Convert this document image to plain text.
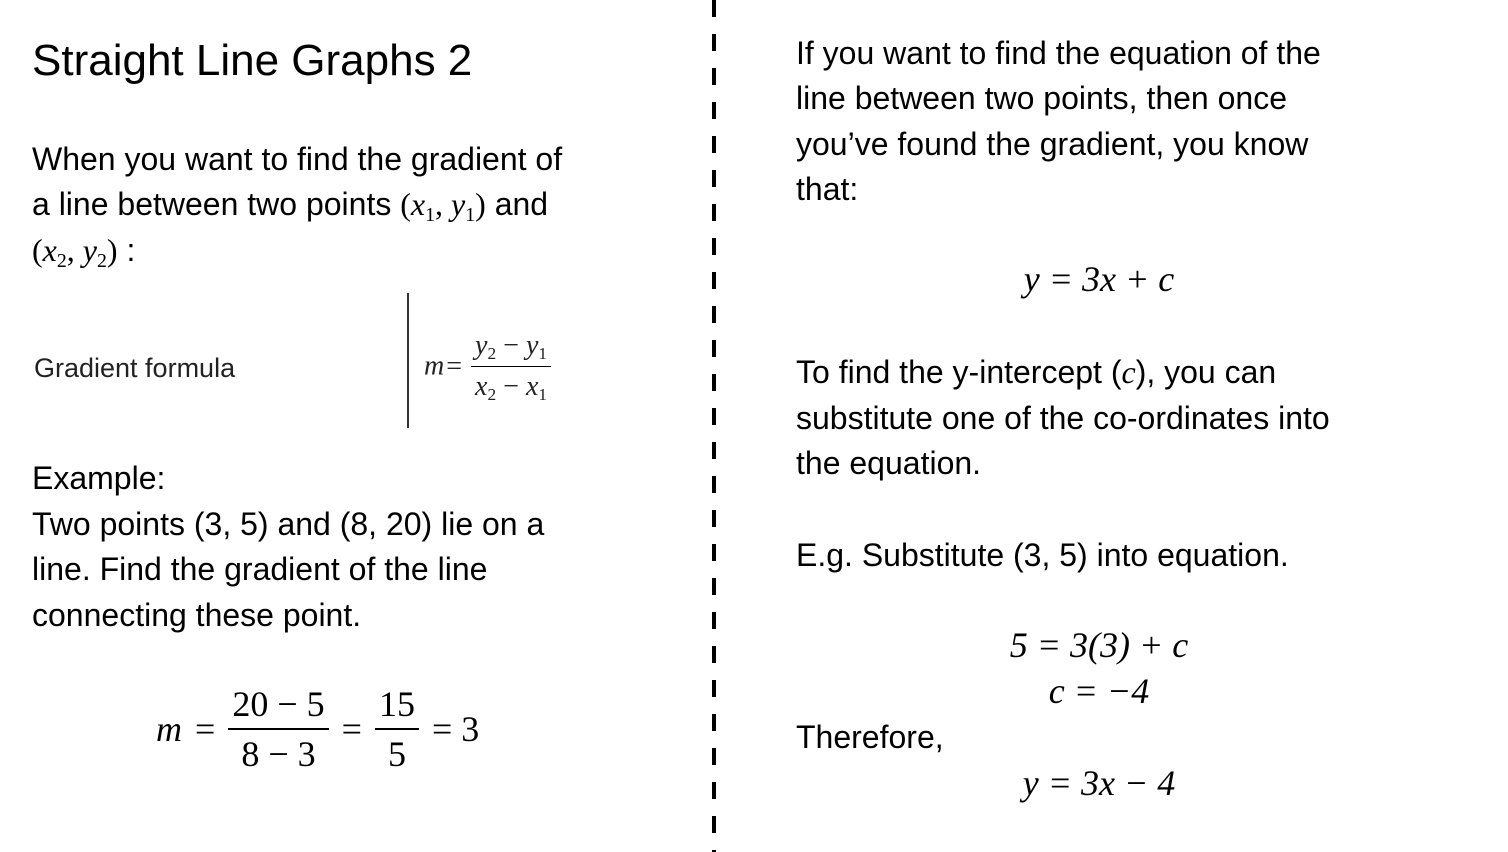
Straight Line Graphs 2
When you want to find the gradient of
a line between two points ($x_1$, $y_1$) and
($x_2$, $y_2$) :
Gradient formula	$m= \frac{y_2 - y_1}{x_2 - x_1}$
Example:
Two points (3, 5) and (8, 20) lie on a
line. Find the gradient of the line
connecting these point.
$m = \frac{20 - 5}{8 - 3} = \frac{15}{5} = 3$
If you want to find the equation of the
line between two points, then once
you’ve found the gradient, you know
that:
y = 3x + c
To find the y-intercept (c), you can
substitute one of the co-ordinates into
the equation.
E.g. Substitute (3, 5) into equation.
5 = 3(3) + c
c = −4
Therefore,
y = 3x − 4
